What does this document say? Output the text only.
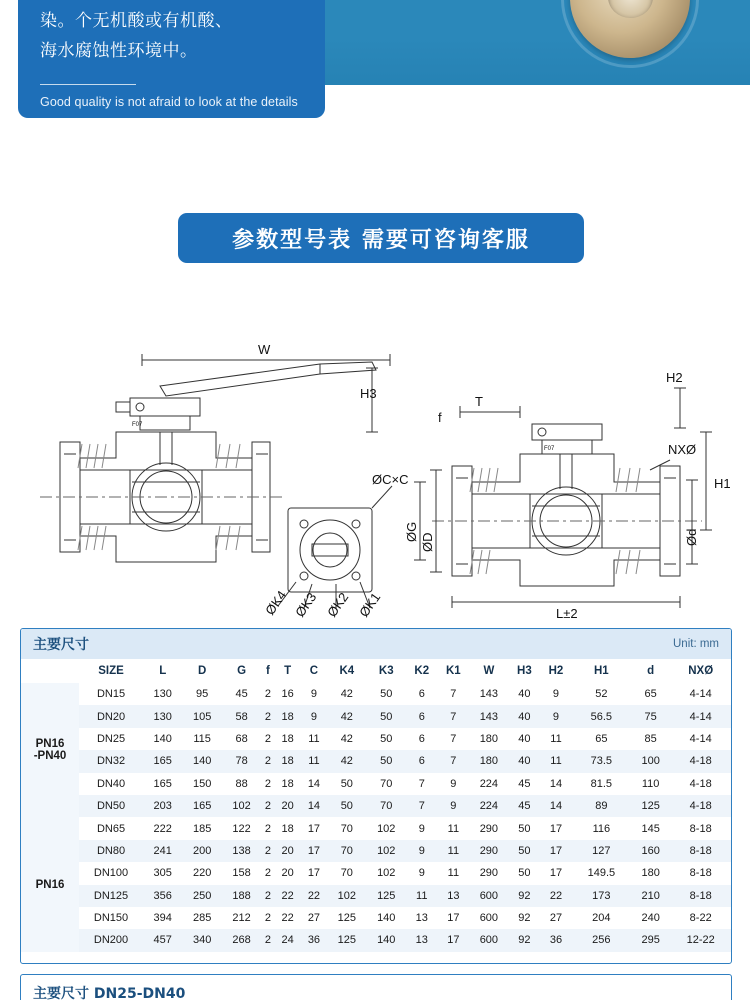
染。个无机酸或有机酸、
海水腐蚀性环境中。
Good quality is not afraid to look at the details
参数型号表 需要可咨询客服
W
H3
T
f
H2
H1
NXØ
ØC×C
L±2
ØD
ØG	Ød
ØK4 ØK3 ØK2 ØK1
F07
F07
主要尺寸	Unit: mm
	SIZE	L	D	G	f	T	C	K4	K3	K2	K1	W	H3	H2	H1	d	NXØ

PN16
-PN40	DN15	130	95	45	2	16	9	42	50	6	7	143	40	9	52	65	4-14
	DN20	130	105	58	2	18	9	42	50	6	7	143	40	9	56.5	75	4-14
	DN25	140	115	68	2	18	11	42	50	6	7	180	40	11	65	85	4-14
	DN32	165	140	78	2	18	11	42	50	6	7	180	40	11	73.5	100	4-18
	DN40	165	150	88	2	18	14	50	70	7	9	224	45	14	81.5	110	4-18
	DN50	203	165	102	2	20	14	50	70	7	9	224	45	14	89	125	4-18
PN16	DN65	222	185	122	2	18	17	70	102	9	11	290	50	17	116	145	8-18
	DN80	241	200	138	2	20	17	70	102	9	11	290	50	17	127	160	8-18
	DN100	305	220	158	2	20	17	70	102	9	11	290	50	17	149.5	180	8-18
	DN125	356	250	188	2	22	22	102	125	11	13	600	92	22	173	210	8-18
	DN150	394	285	212	2	22	27	125	140	13	17	600	92	27	204	240	8-22
	DN200	457	340	268	2	24	36	125	140	13	17	600	92	36	256	295	12-22
主要尺寸 DN25-DN40
